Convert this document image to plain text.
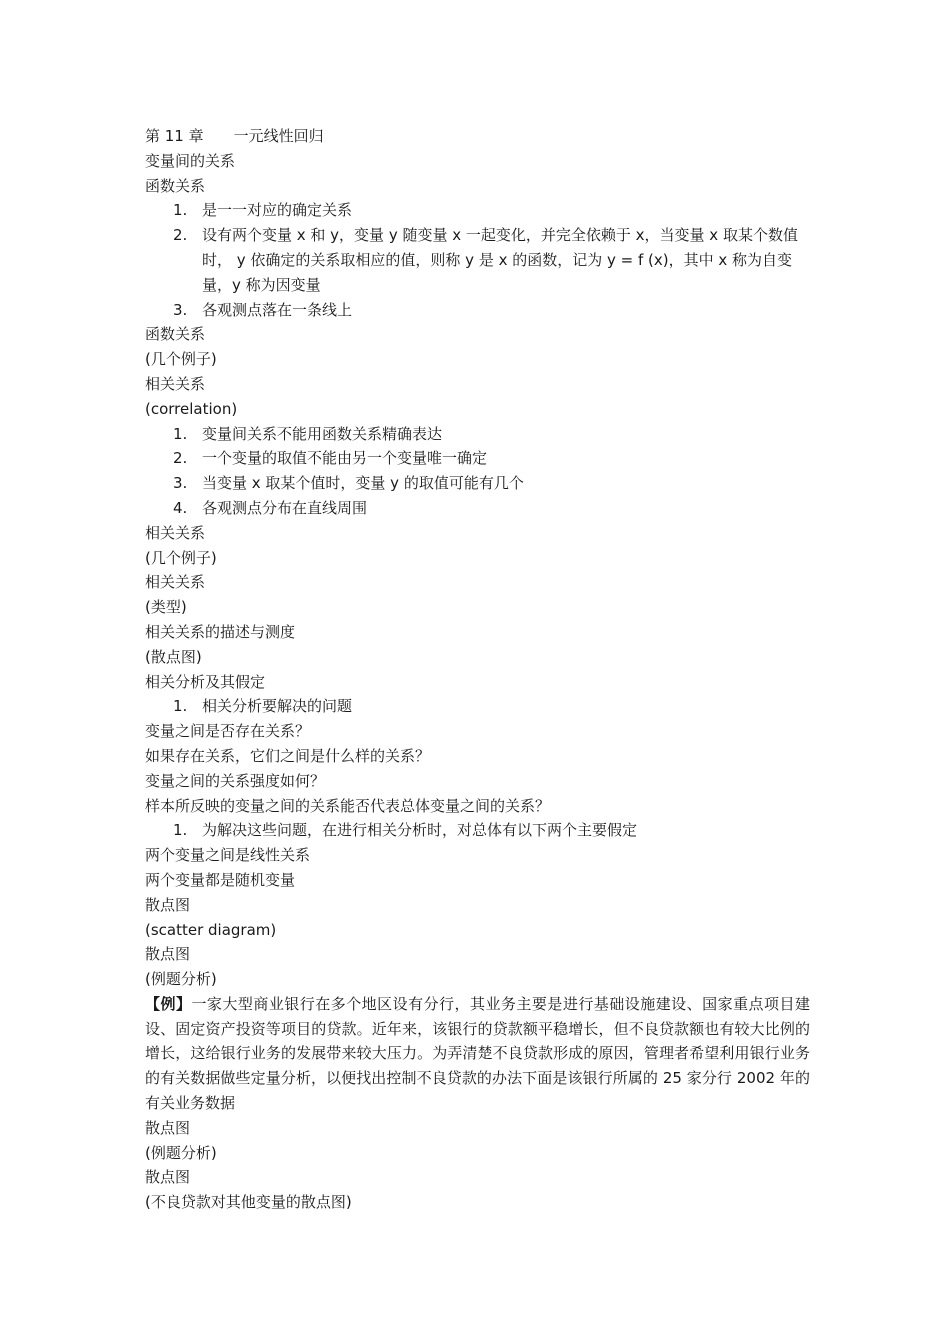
第 11 章　　一元线性回归
变量间的关系
函数关系
1. 是一一对应的确定关系
2. 设有两个变量 x 和 y，变量 y 随变量 x 一起变化，并完全依赖于 x，当变量 x 取某个数值时， y 依确定的关系取相应的值，则称 y 是 x 的函数，记为 y = f (x)，其中 x 称为自变量，y 称为因变量
3. 各观测点落在一条线上
函数关系
(几个例子)
相关关系
(correlation)
1. 变量间关系不能用函数关系精确表达
2. 一个变量的取值不能由另一个变量唯一确定
3. 当变量 x 取某个值时，变量 y 的取值可能有几个
4. 各观测点分布在直线周围
相关关系
(几个例子)
相关关系
(类型)
相关关系的描述与测度
(散点图)
相关分析及其假定
1. 相关分析要解决的问题
变量之间是否存在关系？
如果存在关系，它们之间是什么样的关系？
变量之间的关系强度如何？
样本所反映的变量之间的关系能否代表总体变量之间的关系？
1. 为解决这些问题，在进行相关分析时，对总体有以下两个主要假定
两个变量之间是线性关系
两个变量都是随机变量
散点图
(scatter diagram)
散点图
(例题分析)
【例】一家大型商业银行在多个地区设有分行，其业务主要是进行基础设施建设、国家重点项目建设、固定资产投资等项目的贷款。近年来，该银行的贷款额平稳增长，但不良贷款额也有较大比例的增长，这给银行业务的发展带来较大压力。为弄清楚不良贷款形成的原因，管理者希望利用银行业务的有关数据做些定量分析，以便找出控制不良贷款的办法下面是该银行所属的 25 家分行 2002 年的有关业务数据
散点图
(例题分析)
散点图
(不良贷款对其他变量的散点图)
